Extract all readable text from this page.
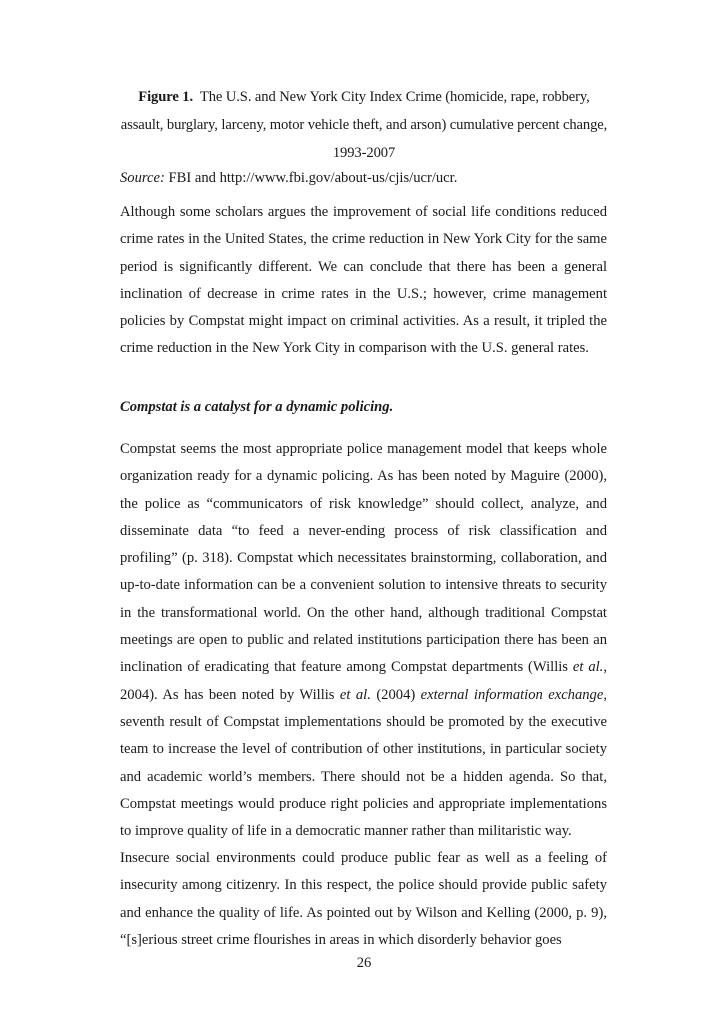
Figure 1. The U.S. and New York City Index Crime (homicide, rape, robbery, assault, burglary, larceny, motor vehicle theft, and arson) cumulative percent change, 1993-2007
Source: FBI and http://www.fbi.gov/about-us/cjis/ucr/ucr.
Although some scholars argues the improvement of social life conditions reduced crime rates in the United States, the crime reduction in New York City for the same period is significantly different. We can conclude that there has been a general inclination of decrease in crime rates in the U.S.; however, crime management policies by Compstat might impact on criminal activities. As a result, it tripled the crime reduction in the New York City in comparison with the U.S. general rates.
Compstat is a catalyst for a dynamic policing.
Compstat seems the most appropriate police management model that keeps whole organization ready for a dynamic policing. As has been noted by Maguire (2000), the police as “communicators of risk knowledge” should collect, analyze, and disseminate data “to feed a never-ending process of risk classification and profiling” (p. 318). Compstat which necessitates brainstorming, collaboration, and up-to-date information can be a convenient solution to intensive threats to security in the transformational world. On the other hand, although traditional Compstat meetings are open to public and related institutions participation there has been an inclination of eradicating that feature among Compstat departments (Willis et al., 2004). As has been noted by Willis et al. (2004) external information exchange, seventh result of Compstat implementations should be promoted by the executive team to increase the level of contribution of other institutions, in particular society and academic world’s members. There should not be a hidden agenda. So that, Compstat meetings would produce right policies and appropriate implementations to improve quality of life in a democratic manner rather than militaristic way.
Insecure social environments could produce public fear as well as a feeling of insecurity among citizenry. In this respect, the police should provide public safety and enhance the quality of life. As pointed out by Wilson and Kelling (2000, p. 9), “[s]erious street crime flourishes in areas in which disorderly behavior goes
26
